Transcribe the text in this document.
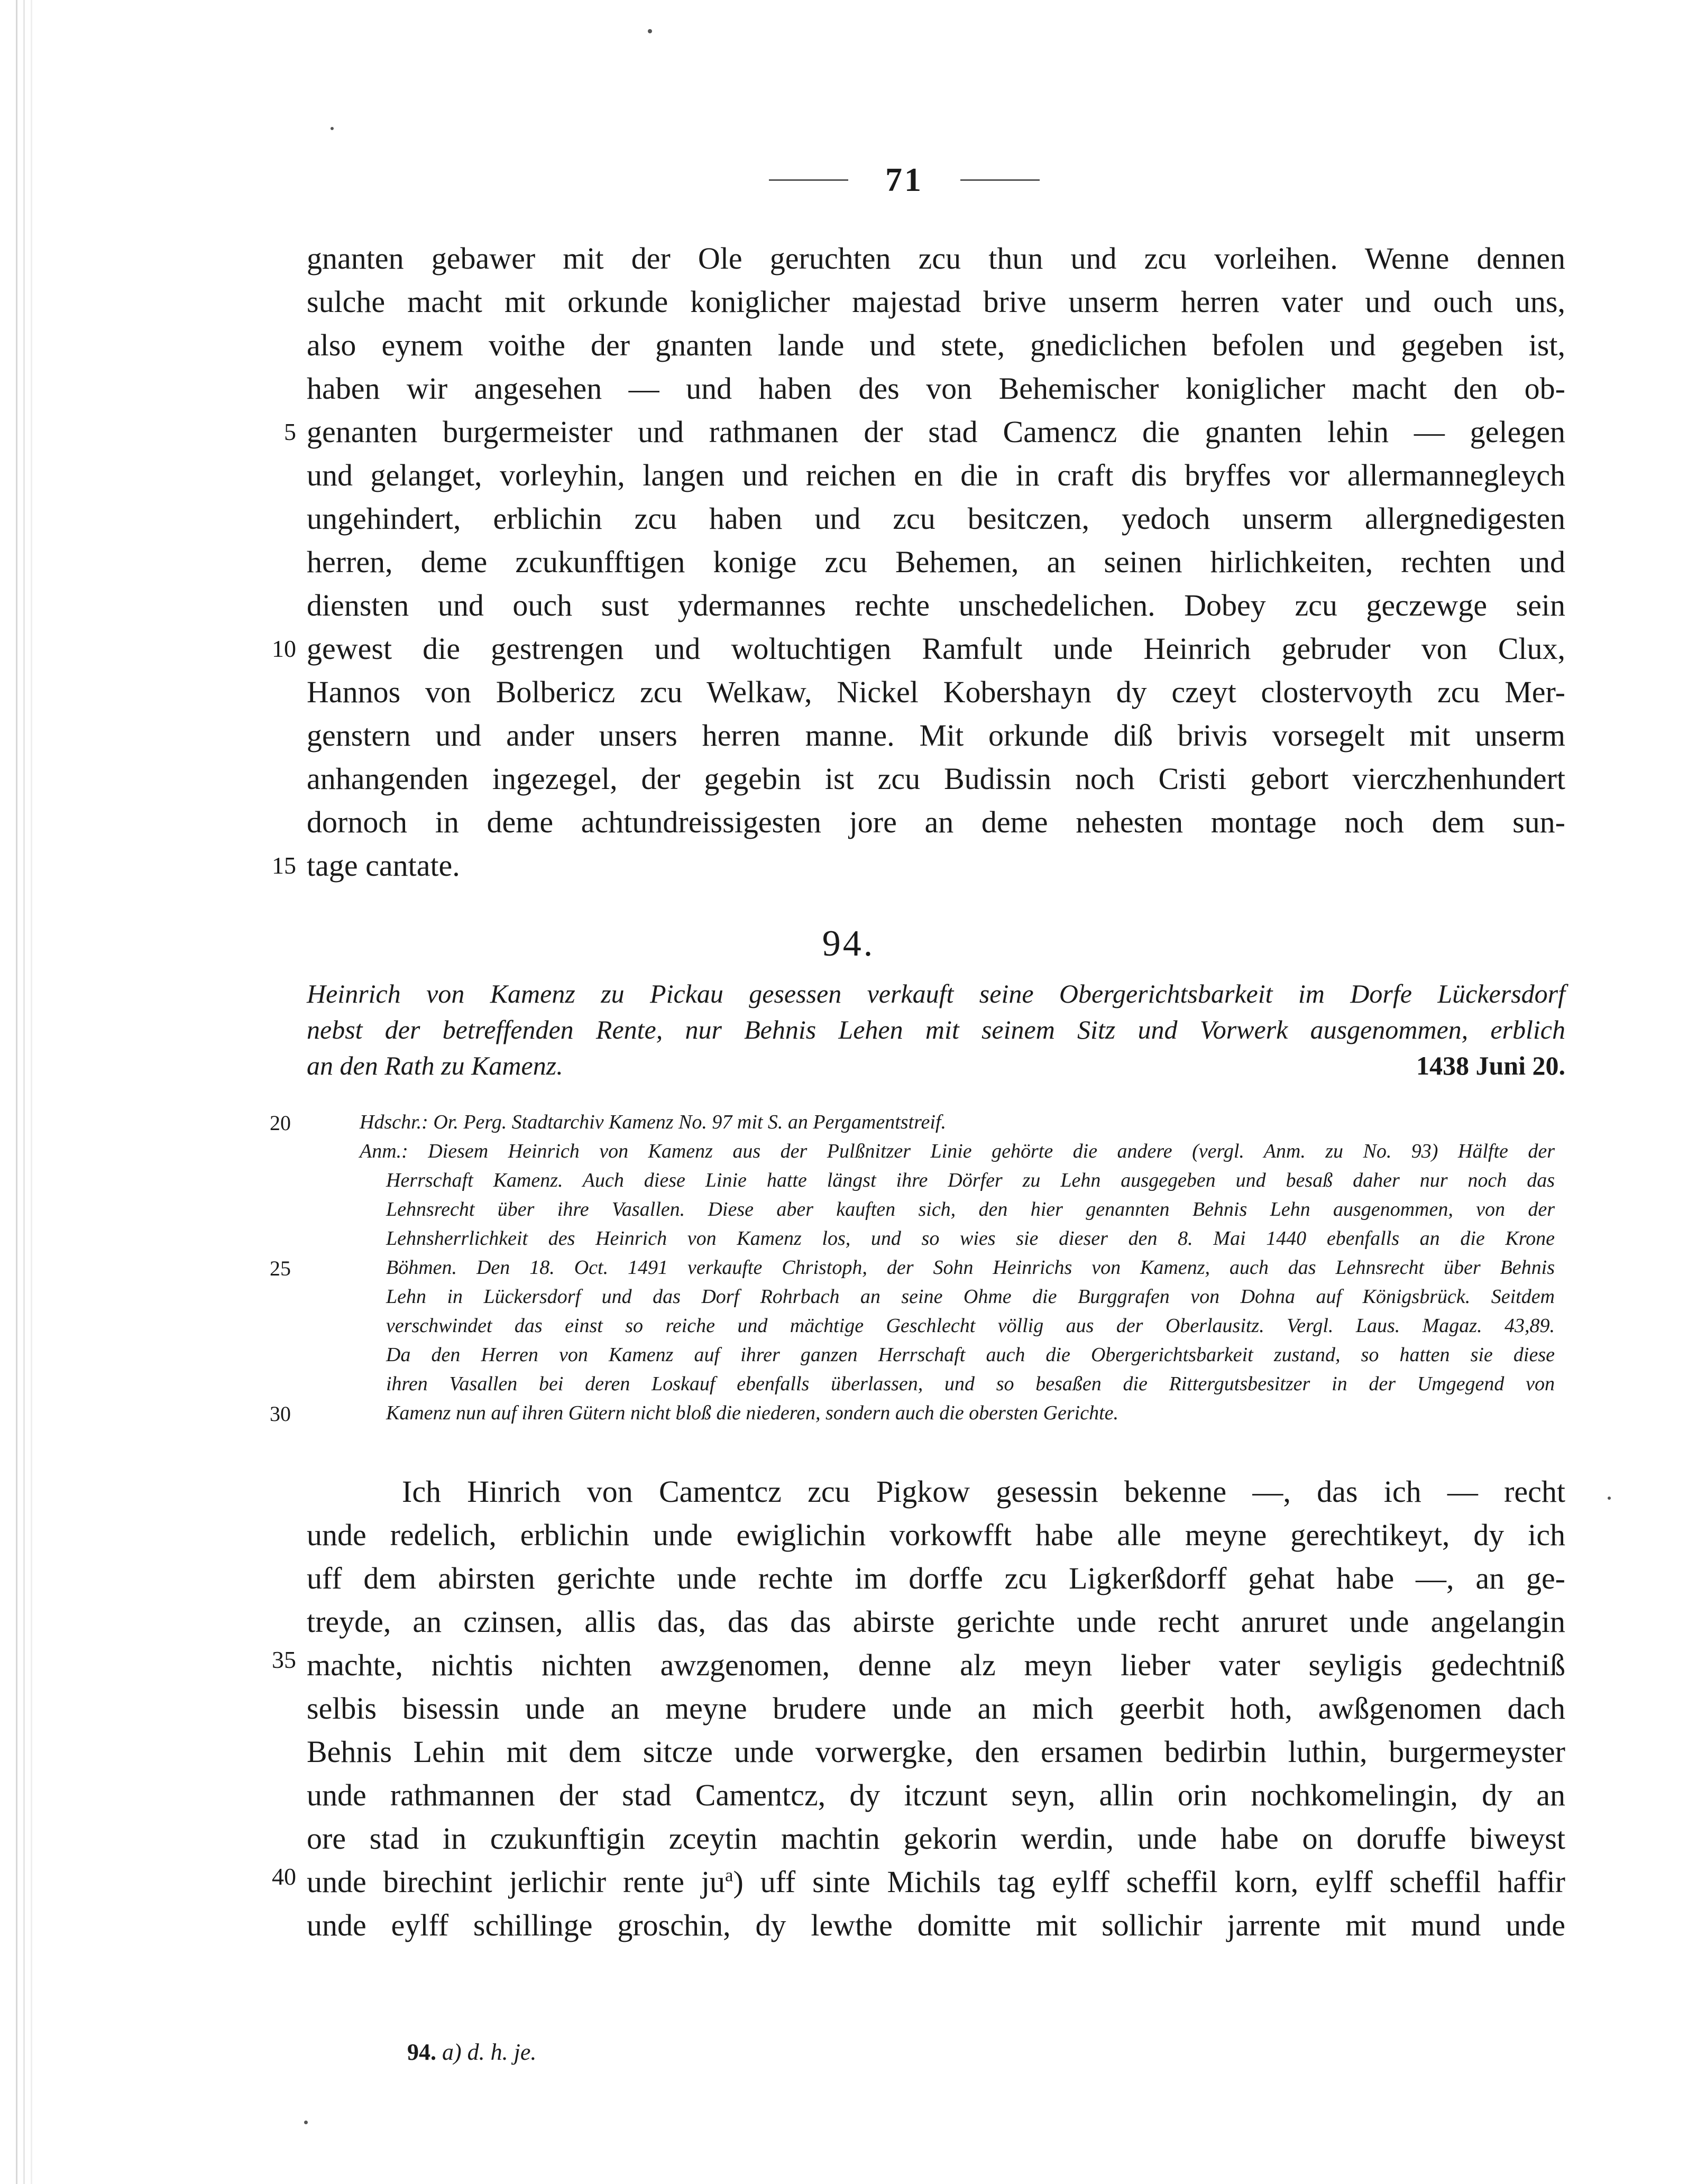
71
gnanten gebawer mit der Ole geruchten zcu thun und zcu vorleihen. Wenne dennen
sulche macht mit orkunde koniglicher majestad brive unserm herren vater und ouch uns,
also eynem voithe der gnanten lande und stete, gnediclichen befolen und gegeben ist,
haben wir angesehen — und haben des von Behemischer koniglicher macht den ob-
genanten burgermeister und rathmanen der stad Camencz die gnanten lehin — gelegen
und gelanget, vorleyhin, langen und reichen en die in craft dis bryffes vor allermannegleych
ungehindert, erblichin zcu haben und zcu besitczen, yedoch unserm allergnedigesten
herren, deme zcukunfftigen konige zcu Behemen, an seinen hirlichkeiten, rechten und
diensten und ouch sust ydermannes rechte unschedelichen. Dobey zcu geczewge sein
gewest die gestrengen und woltuchtigen Ramfult unde Heinrich gebruder von Clux,
Hannos von Bolbericz zcu Welkaw, Nickel Kobershayn dy czeyt clostervoyth zcu Mer-
genstern und ander unsers herren manne. Mit orkunde diß brivis vorsegelt mit unserm
anhangenden ingezegel, der gegebin ist zcu Budissin noch Cristi gebort vierczhenhundert
dornoch in deme achtundreissigesten jore an deme nehesten montage noch dem sun-
tage cantate.
5
10
15
94.
Heinrich von Kamenz zu Pickau gesessen verkauft seine Obergerichtsbarkeit im Dorfe Lückersdorf
nebst der betreffenden Rente, nur Behnis Lehen mit seinem Sitz und Vorwerk ausgenommen, erblich
an den Rath zu Kamenz.	1438 Juni 20.
20
25
30
Hdschr.: Or. Perg. Stadtarchiv Kamenz No. 97 mit S. an Pergamentstreif.
Anm.: Diesem Heinrich von Kamenz aus der Pulßnitzer Linie gehörte die andere (vergl. Anm. zu No. 93) Hälfte der
Herrschaft Kamenz. Auch diese Linie hatte längst ihre Dörfer zu Lehn ausgegeben und besaß daher nur noch das
Lehnsrecht über ihre Vasallen. Diese aber kauften sich, den hier genannten Behnis Lehn ausgenommen, von der
Lehnsherrlichkeit des Heinrich von Kamenz los, und so wies sie dieser den 8. Mai 1440 ebenfalls an die Krone
Böhmen. Den 18. Oct. 1491 verkaufte Christoph, der Sohn Heinrichs von Kamenz, auch das Lehnsrecht über Behnis
Lehn in Lückersdorf und das Dorf Rohrbach an seine Ohme die Burggrafen von Dohna auf Königsbrück. Seitdem
verschwindet das einst so reiche und mächtige Geschlecht völlig aus der Oberlausitz. Vergl. Laus. Magaz. 43,89.
Da den Herren von Kamenz auf ihrer ganzen Herrschaft auch die Obergerichtsbarkeit zustand, so hatten sie diese
ihren Vasallen bei deren Loskauf ebenfalls überlassen, und so besaßen die Rittergutsbesitzer in der Umgegend von
Kamenz nun auf ihren Gütern nicht bloß die niederen, sondern auch die obersten Gerichte.
Ich Hinrich von Camentcz zcu Pigkow gesessin bekenne —, das ich — recht
unde redelich, erblichin unde ewiglichin vorkowfft habe alle meyne gerechtikeyt, dy ich
uff dem abirsten gerichte unde rechte im dorffe zcu Ligkerßdorff gehat habe —, an ge-
treyde, an czinsen, allis das, das das abirste gerichte unde recht anruret unde angelangin
machte, nichtis nichten awzgenomen, denne alz meyn lieber vater seyligis gedechtniß
selbis bisessin unde an meyne brudere unde an mich geerbit hoth, awßgenomen dach
Behnis Lehin mit dem sitcze unde vorwergke, den ersamen bedirbin luthin, burgermeyster
unde rathmannen der stad Camentcz, dy itczunt seyn, allin orin nochkomelingin, dy an
ore stad in czukunftigin zceytin machtin gekorin werdin, unde habe on doruffe biweyst
unde birechint jerlichir rente $ju^a$) uff sinte Michils tag eylff scheffil korn, eylff scheffil haffir
unde eylff schillinge groschin, dy lewthe domitte mit sollichir jarrente mit mund unde
35
40
94. a) d. h. je.
